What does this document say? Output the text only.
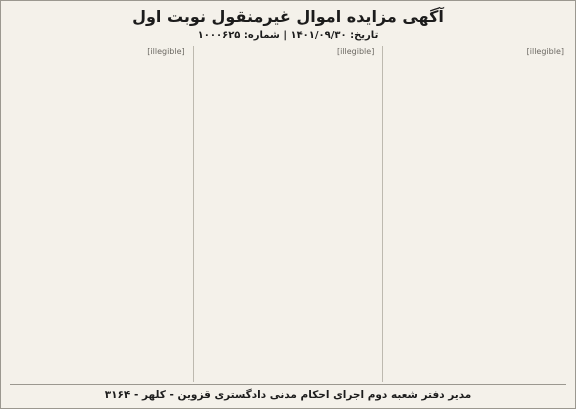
آگهی مزایده اموال غیرمنقول نوبت اول
تاریخ: ۱۴۰۱/۰۹/۳۰ | شماره: ۱۰۰۰۶۲۵

[illegible]

[illegible]

[illegible]

مدیر دفتر شعبه دوم اجرای احکام مدنی دادگستری قزوین - کلهر - ۳۱۶۴
